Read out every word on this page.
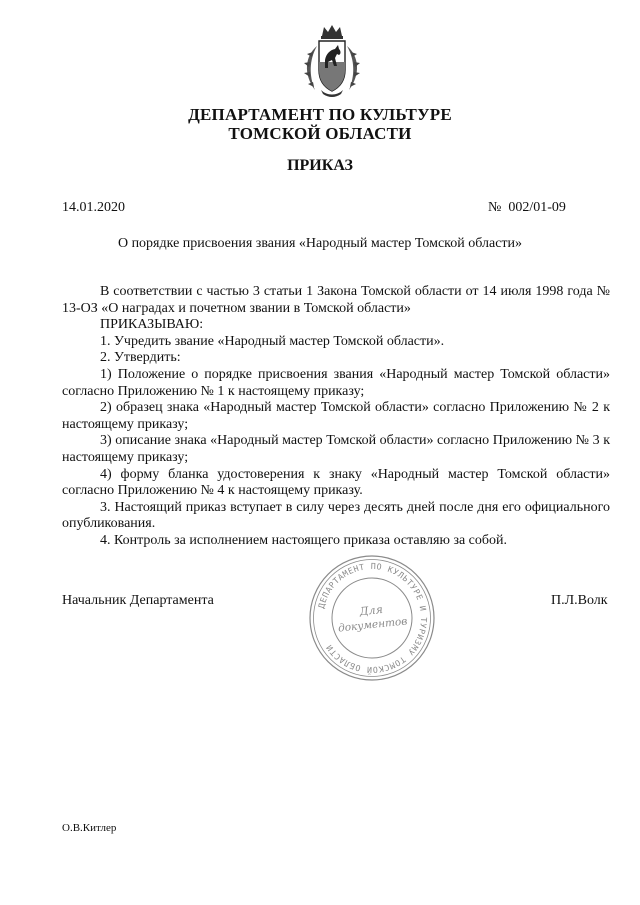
ДЕПАРТАМЕНТ ПО КУЛЬТУРЕ
ТОМСКОЙ ОБЛАСТИ
ПРИКАЗ
14.01.2020	№  002/01-09
О порядке присвоения звания «Народный мастер Томской области»

В соответствии с частью 3 статьи 1 Закона Томской области от 14 июля 1998 года № 13-ОЗ «О наградах и почетном звании в Томской области»

ПРИКАЗЫВАЮ:

1. Учредить звание «Народный мастер Томской области».

2. Утвердить:

1) Положение о порядке присвоения звания «Народный мастер Томской области» согласно Приложению № 1 к настоящему приказу;

2) образец знака «Народный мастер Томской области» согласно Приложению № 2 к настоящему приказу;

3) описание знака «Народный мастер Томской области» согласно Приложению № 3 к настоящему приказу;

4) форму бланка удостоверения к знаку «Народный мастер Томской области» согласно Приложению № 4 к настоящему приказу.

3. Настоящий приказ вступает в силу через десять дней после дня его официального опубликования.

4. Контроль за исполнением настоящего приказа оставляю за собой.

Начальник Департамента	ДЕПАРТАМЕНТ ПО КУЛЬТУРЕ И ТУРИЗМУ ТОМСКОЙ ОБЛАСТИ
Для
документов
П.Л.Волк
О.В.Китлер
